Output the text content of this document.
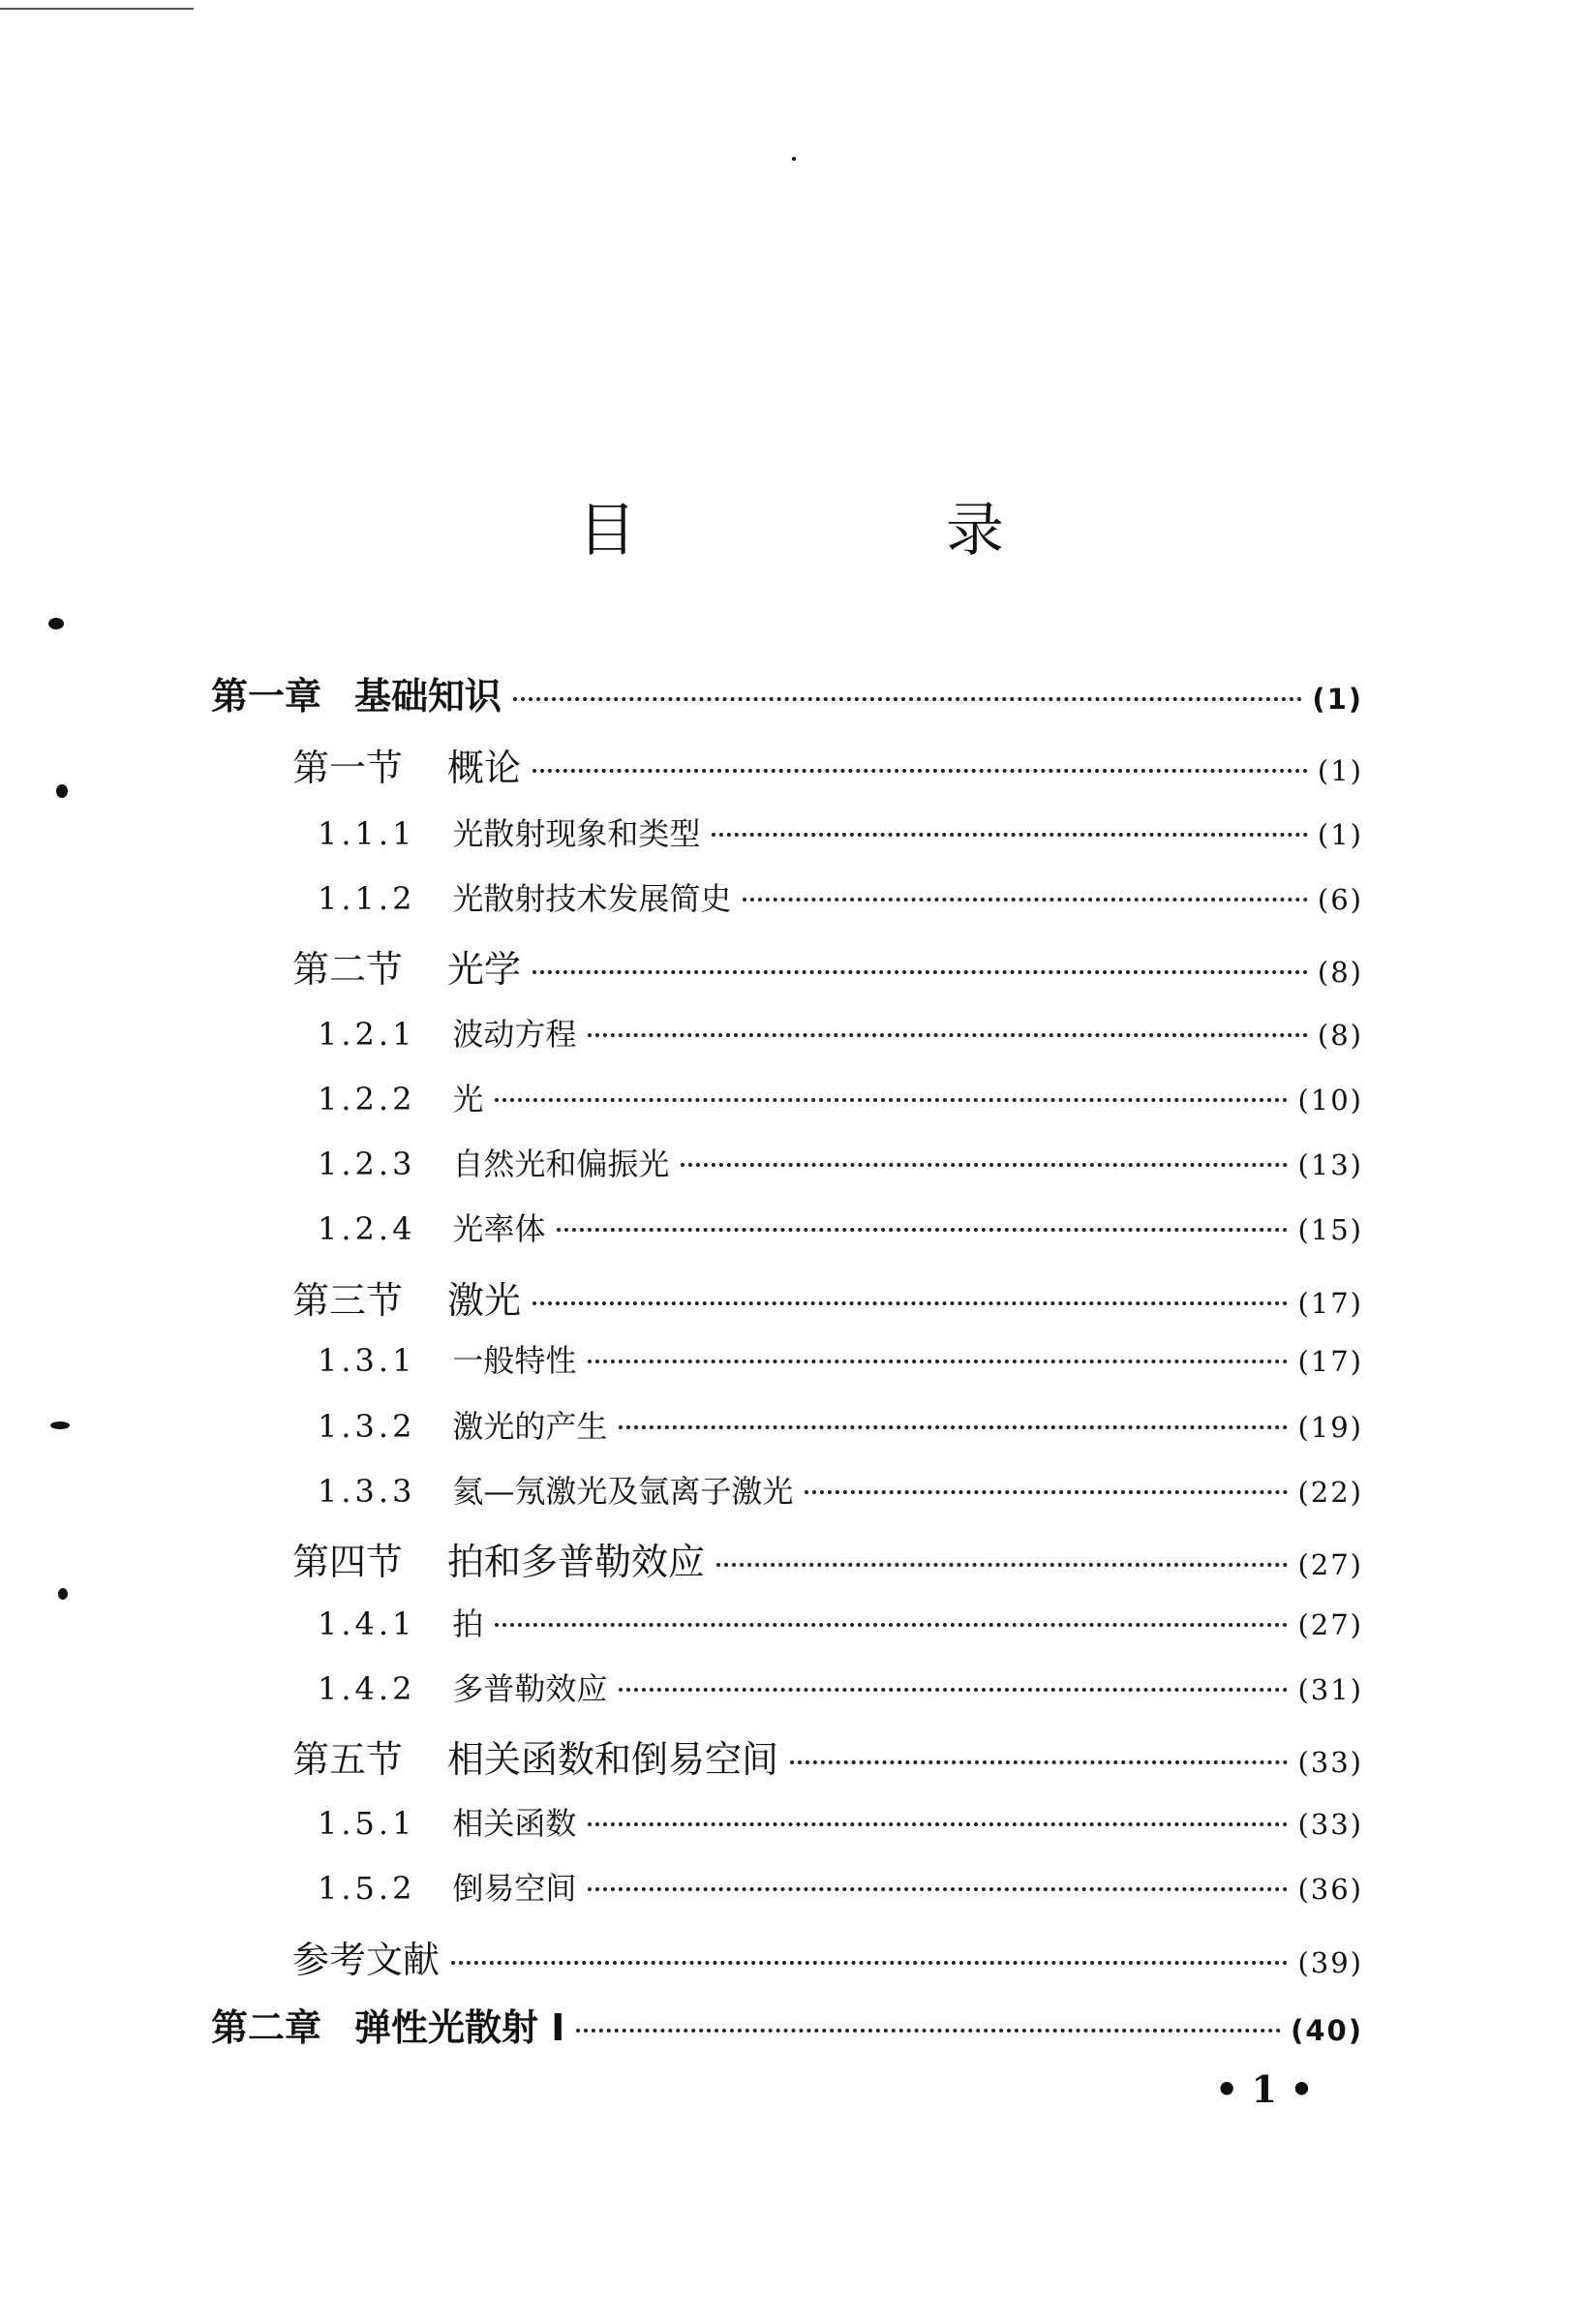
目　录
第一章 基础知识	(1)
第一节 概论	(1)
1.1.1 光散射现象和类型	(1)
1.1.2 光散射技术发展简史	(6)
第二节 光学	(8)
1.2.1 波动方程	(8)
1.2.2 光	(10)
1.2.3 自然光和偏振光	(13)
1.2.4 光率体	(15)
第三节 激光	(17)
1.3.1 一般特性	(17)
1.3.2 激光的产生	(19)
1.3.3 氦—氖激光及氩离子激光	(22)
第四节 拍和多普勒效应	(27)
1.4.1 拍	(27)
1.4.2 多普勒效应	(31)
第五节 相关函数和倒易空间	(33)
1.5.1 相关函数	(33)
1.5.2 倒易空间	(36)
参考文献	(39)
第二章 弹性光散射 I	(40)
• 1 •
